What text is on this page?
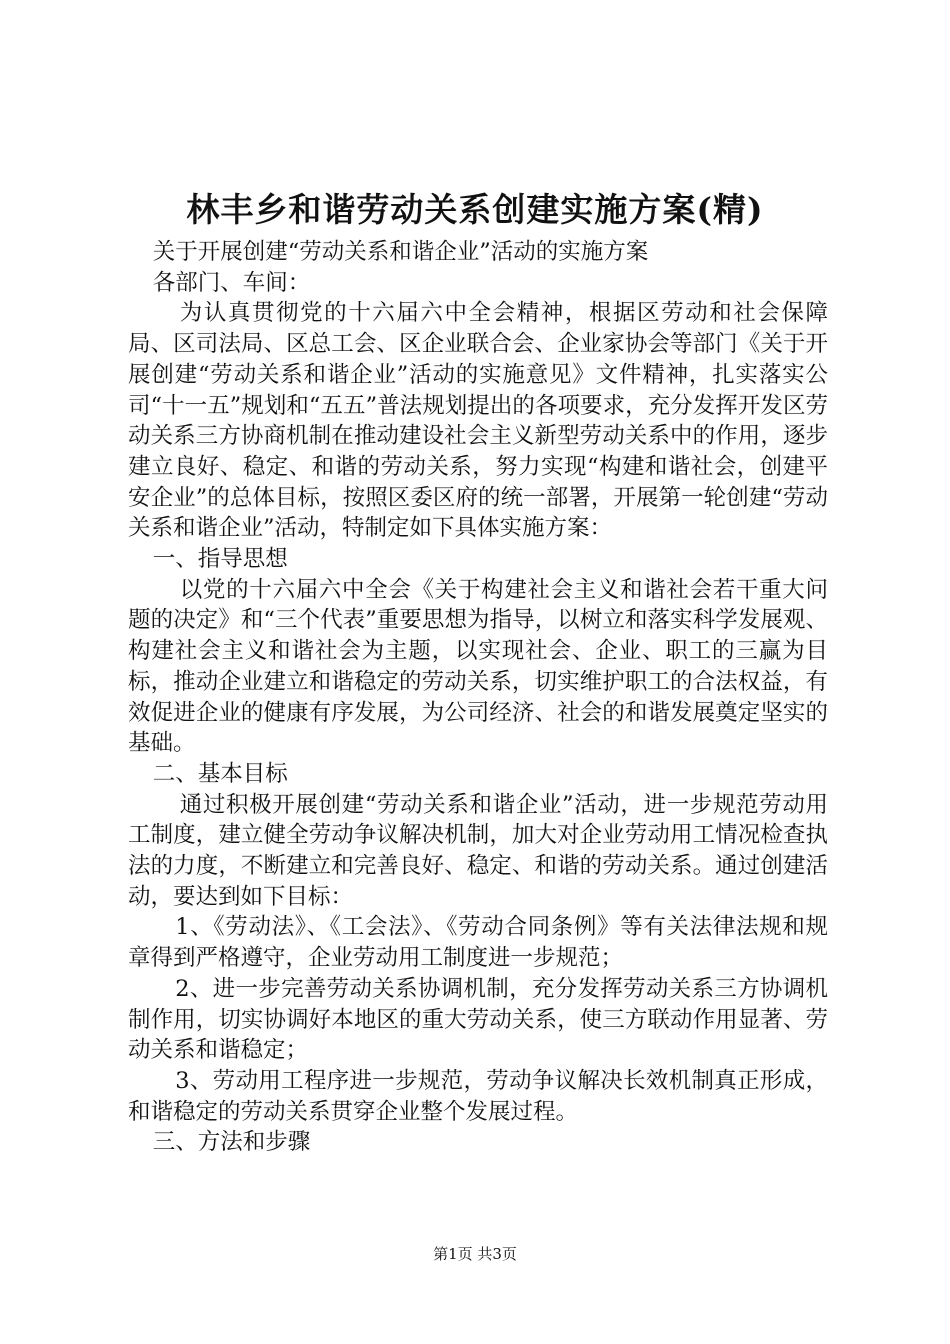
林丰乡和谐劳动关系创建实施方案(精)

关于开展创建“劳动关系和谐企业”活动的实施方案

各部门、车间：

为认真贯彻党的十六届六中全会精神，根据区劳动和社会保障局、区司法局、区总工会、区企业联合会、企业家协会等部门《关于开展创建“劳动关系和谐企业”活动的实施意见》文件精神，扎实落实公司“十一五”规划和“五五”普法规划提出的各项要求，充分发挥开发区劳动关系三方协商机制在推动建设社会主义新型劳动关系中的作用，逐步建立良好、稳定、和谐的劳动关系，努力实现“构建和谐社会，创建平安企业”的总体目标，按照区委区府的统一部署，开展第一轮创建“劳动关系和谐企业”活动，特制定如下具体实施方案：

一、指导思想

以党的十六届六中全会《关于构建社会主义和谐社会若干重大问题的决定》和“三个代表”重要思想为指导，以树立和落实科学发展观、构建社会主义和谐社会为主题，以实现社会、企业、职工的三赢为目标，推动企业建立和谐稳定的劳动关系，切实维护职工的合法权益，有效促进企业的健康有序发展，为公司经济、社会的和谐发展奠定坚实的基础。

二、基本目标

通过积极开展创建“劳动关系和谐企业”活动，进一步规范劳动用工制度，建立健全劳动争议解决机制，加大对企业劳动用工情况检查执法的力度，不断建立和完善良好、稳定、和谐的劳动关系。通过创建活动，要达到如下目标：

1、《劳动法》、《工会法》、《劳动合同条例》等有关法律法规和规章得到严格遵守，企业劳动用工制度进一步规范；

2、进一步完善劳动关系协调机制，充分发挥劳动关系三方协调机制作用，切实协调好本地区的重大劳动关系，使三方联动作用显著、劳动关系和谐稳定；

3、劳动用工程序进一步规范，劳动争议解决长效机制真正形成，和谐稳定的劳动关系贯穿企业整个发展过程。

三、方法和步骤

第1页 共3页
